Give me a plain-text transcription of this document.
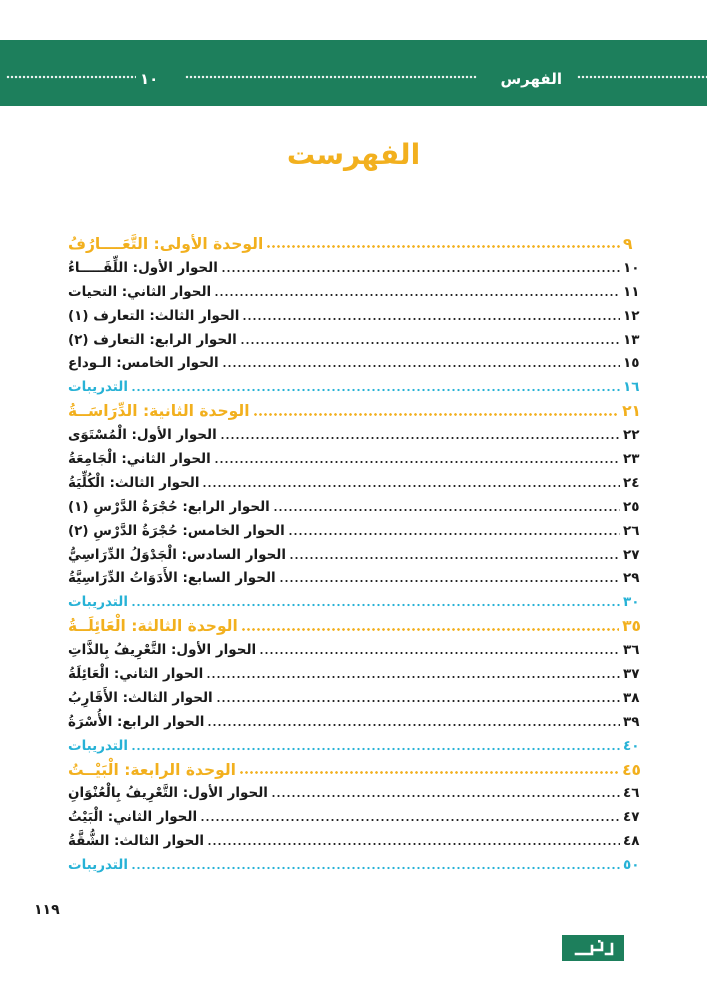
الفهرس
١٠
الفهرست
الوحدة الأولى: التَّعَــــارُفُ	٩
الحوار الأول: اللِّقَـــــاءُ	١٠
الحوار الثاني: التحيات	١١
الحوار الثالث: التعارف (١)	١٢
الحوار الرابع: التعارف (٢)	١٣
الحوار الخامس: الـوداع	١٥
التدريبات	١٦
الوحدة الثانية: الدِّرَاسَــةُ	٢١
الحوار الأول: الْمُسْتَوَى	٢٢
الحوار الثاني: الْجَامِعَةُ	٢٣
الحوار الثالث: الْكُلِّيَةُ	٢٤
الحوار الرابع: حُجْرَةُ الدَّرْسِ (١)	٢٥
الحوار الخامس: حُجْرَةُ الدَّرْسِ (٢)	٢٦
الحوار السادس: الْجَدْوَلُ الدِّرَاسِيُّ	٢٧
الحوار السابع: الأَدَوَاتُ الدِّرَاسِيَّةُ	٢٩
التدريبات	٣٠
الوحدة الثالثة: الْعَائِلَــةُ	٣٥
الحوار الأول: التَّعْرِيفُ بِالذَّاتِ	٣٦
الحوار الثاني: الْعَائِلَةُ	٣٧
الحوار الثالث: الأَقَارِبُ	٣٨
الحوار الرابع: الأُسْرَةُ	٣٩
التدريبات	٤٠
الوحدة الرابعة: الْبَيْــتُ	٤٥
الحوار الأول: التَّعْرِيفُ بِالْعُنْوَانِ	٤٦
الحوار الثاني: الْبَيْتُ	٤٧
الحوار الثالث: الشُّقَّةُ	٤٨
التدريبات	٥٠
١١٩
